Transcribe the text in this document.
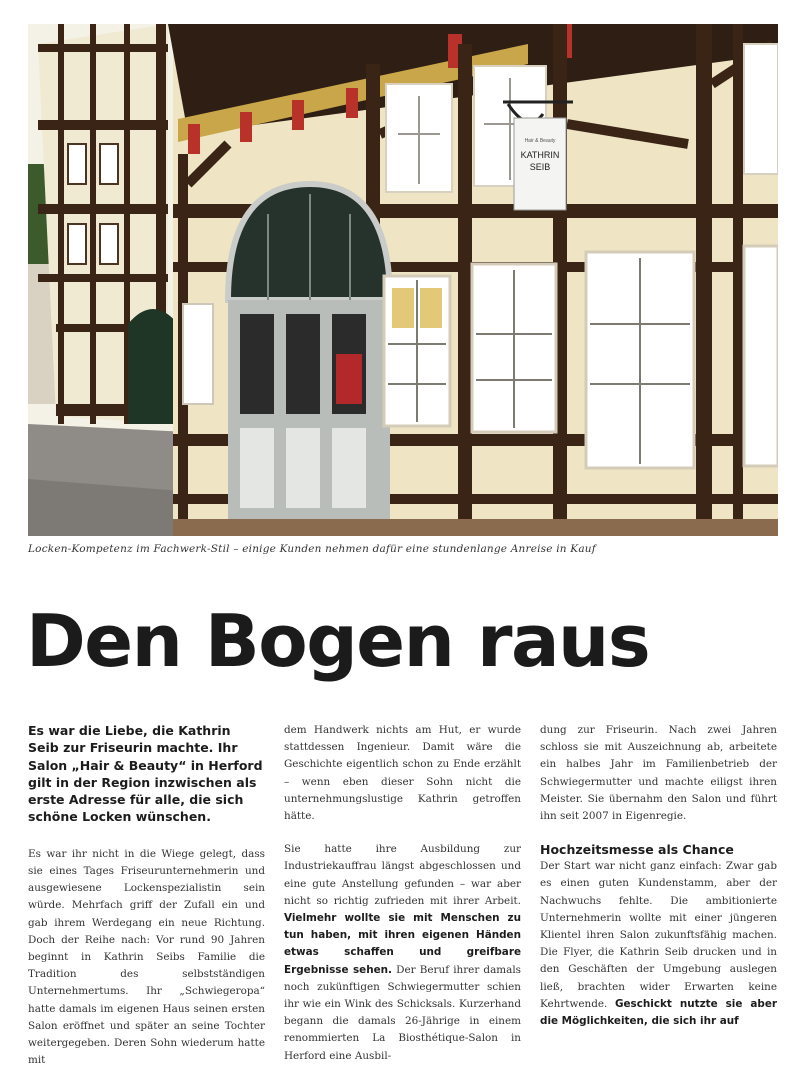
Hair & Beauty
KATHRIN
SEIB
Locken-Kompetenz im Fachwerk-Stil – einige Kunden nehmen dafür eine stundenlange Anreise in Kauf
Den Bogen raus

Es war die Liebe, die Kathrin Seib zur Friseurin machte. Ihr Salon „Hair & Beauty“ in Herford gilt in der Region inzwischen als erste Adresse für alle, die sich schöne Locken wünschen.

Es war ihr nicht in die Wiege gelegt, dass sie eines Tages Friseurunternehmerin und ausgewiesene Lockenspezialistin sein würde. Mehrfach griff der Zufall ein und gab ihrem Werdegang ein neue Richtung. Doch der Reihe nach: Vor rund 90 Jahren beginnt in Kathrin Seibs Familie die Tradition des selbstständigen Unternehmertums. Ihr „Schwiegeropa“ hatte damals im eigenen Haus seinen ersten Salon eröffnet und später an seine Tochter weitergegeben. Deren Sohn wiederum hatte mit

dem Handwerk nichts am Hut, er wurde stattdessen Ingenieur. Damit wäre die Geschichte eigentlich schon zu Ende erzählt – wenn eben dieser Sohn nicht die unternehmungslustige Kathrin getroffen hätte.

Sie hatte ihre Ausbildung zur Industriekauffrau längst abgeschlossen und eine gute Anstellung gefunden – war aber nicht so richtig zufrieden mit ihrer Arbeit. Vielmehr wollte sie mit Menschen zu tun haben, mit ihren eigenen Händen etwas schaffen und greifbare Ergebnisse sehen. Der Beruf ihrer damals noch zukünftigen Schwiegermutter schien ihr wie ein Wink des Schicksals. Kurzerhand begann die damals 26-Jährige in einem renommierten La Biosthétique-Salon in Herford eine Ausbil-

dung zur Friseurin. Nach zwei Jahren schloss sie mit Auszeichnung ab, arbeitete ein halbes Jahr im Familienbetrieb der Schwiegermutter und machte eiligst ihren Meister. Sie übernahm den Salon und führt ihn seit 2007 in Eigenregie.

Hochzeitsmesse als Chance

Der Start war nicht ganz einfach: Zwar gab es einen guten Kundenstamm, aber der Nachwuchs fehlte. Die ambitionierte Unternehmerin wollte mit einer jüngeren Klientel ihren Salon zukunftsfähig machen. Die Flyer, die Kathrin Seib drucken und in den Geschäften der Umgebung auslegen ließ, brachten wider Erwarten keine Kehrtwende. Geschickt nutzte sie aber die Möglichkeiten, die sich ihr auf
